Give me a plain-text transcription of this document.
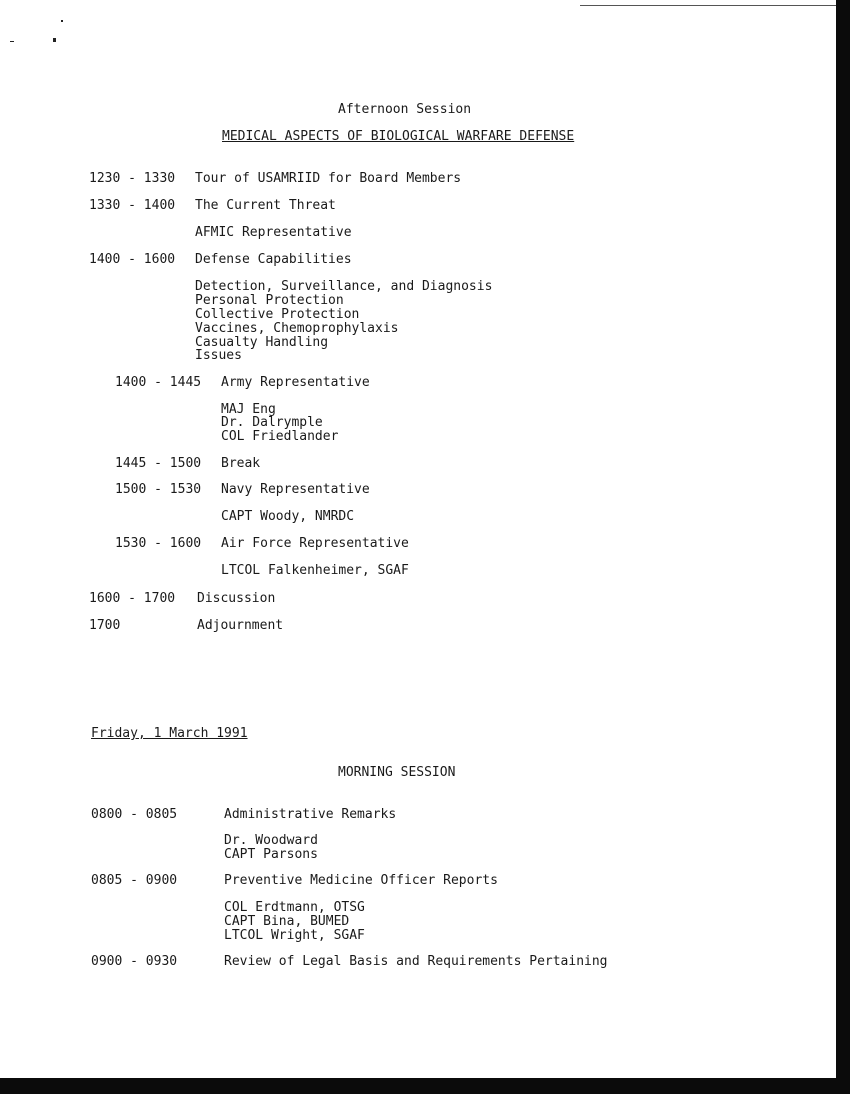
Afternoon Session
MEDICAL ASPECTS OF BIOLOGICAL WARFARE DEFENSE
1230 - 1330 Tour of USAMRIID for Board Members
1330 - 1400 The Current Threat
AFMIC Representative
1400 - 1600 Defense Capabilities
Detection, Surveillance, and Diagnosis
Personal Protection
Collective Protection
Vaccines, Chemoprophylaxis
Casualty Handling
Issues
1400 - 1445 Army Representative
MAJ Eng
Dr. Dalrymple
COL Friedlander
1445 - 1500 Break
1500 - 1530 Navy Representative
CAPT Woody, NMRDC
1530 - 1600 Air Force Representative
LTCOL Falkenheimer, SGAF
1600 - 1700 Discussion
1700	Adjournment
Friday, 1 March 1991
MORNING SESSION
0800 - 0805	Administrative Remarks
Dr. Woodward
CAPT Parsons
0805 - 0900	Preventive Medicine Officer Reports
COL Erdtmann, OTSG
CAPT Bina, BUMED
LTCOL Wright, SGAF
0900 - 0930	Review of Legal Basis and Requirements Pertaining
